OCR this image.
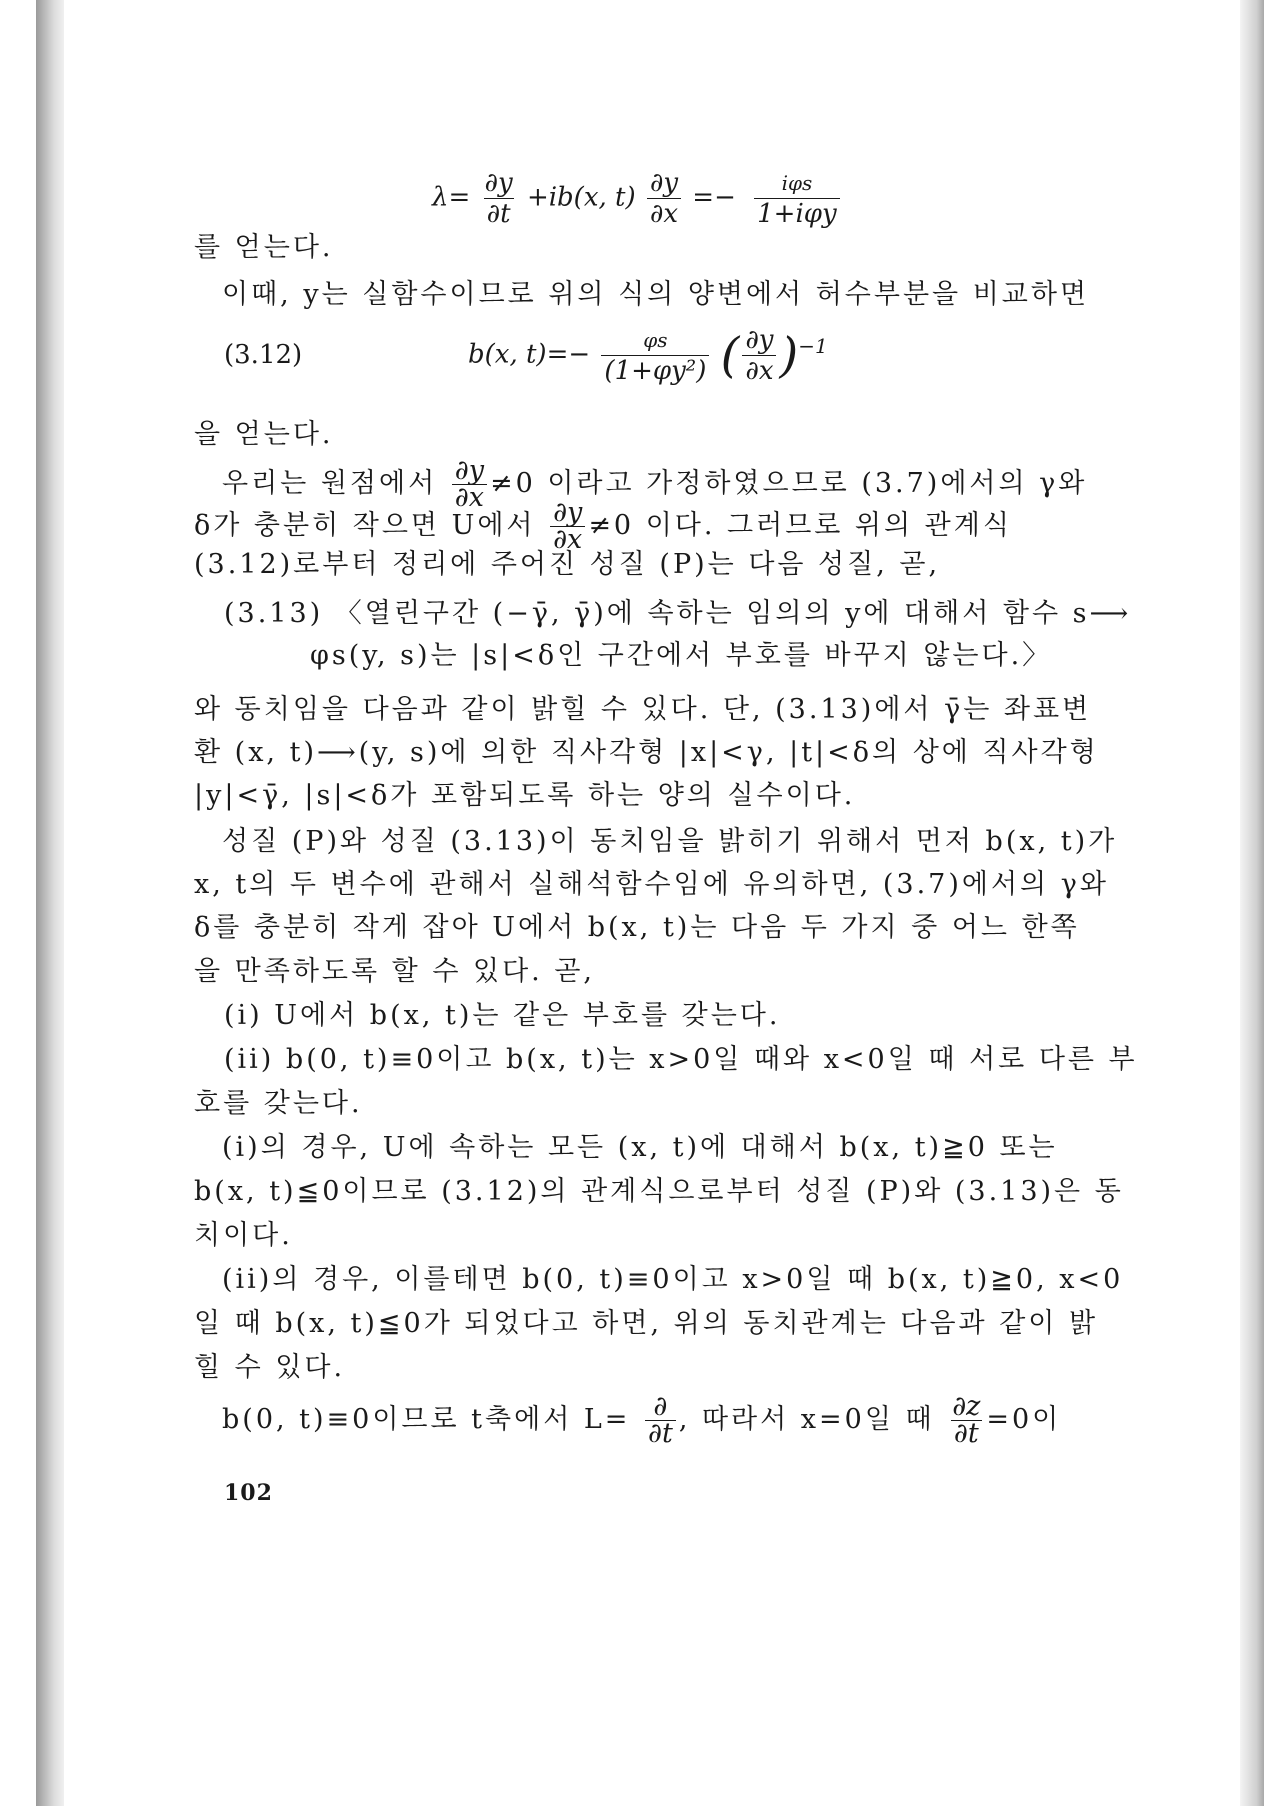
$\lambda= \frac{\partial y}{\partial t} +ib(x$, $t) \frac{\partial y}{\partial x} =- \frac{\text{iφs}}{\text{1+iφy}}$
를 얻는다.
이때, y는 실함수이므로 위의 식의 양변에서 허수부분을 비교하면
(3.12)	b(x, $t)=- \frac{\varphi s}{\text{(1+φy²)}}$ ( $\frac{\partial y}{\partial x} )^{-1}$
을 얻는다.
우리는 원점에서 $\frac{\partial y}{\partial x} \ne 0$ 이라고 가정하였으므로 (3.7)에서의 γ와
δ가 충분히 작으면 U에서 $\frac{\partial y}{\partial x} \ne 0$ 이다. 그러므로 위의 관계식
(3.12)로부터 정리에 주어진 성질 (P)는 다음 성질, 곧,
(3.13) 〈열린구간 (−γ̄, γ̄)에 속하는 임의의 y에 대해서 함수 s⟶
φs(y, s)는 |s|<δ인 구간에서 부호를 바꾸지 않는다.〉
와 동치임을 다음과 같이 밝힐 수 있다. 단, (3.13)에서 γ̄는 좌표변
환 (x, t)⟶(y, s)에 의한 직사각형 |x|<γ, |t|<δ의 상에 직사각형
|y|<γ̄, |s|<δ가 포함되도록 하는 양의 실수이다.
성질 (P)와 성질 (3.13)이 동치임을 밝히기 위해서 먼저 b(x, t)가
x, t의 두 변수에 관해서 실해석함수임에 유의하면, (3.7)에서의 γ와
δ를 충분히 작게 잡아 U에서 b(x, t)는 다음 두 가지 중 어느 한쪽
을 만족하도록 할 수 있다. 곧,
(i) U에서 b(x, t)는 같은 부호를 갖는다.
(ii) b(0, t)≡0이고 b(x, t)는 x>0일 때와 x<0일 때 서로 다른 부
호를 갖는다.
(i)의 경우, U에 속하는 모든 (x, t)에 대해서 b(x, t)≧0 또는
b(x, t)≦0이므로 (3.12)의 관계식으로부터 성질 (P)와 (3.13)은 동
치이다.
(ii)의 경우, 이를테면 b(0, t)≡0이고 x>0일 때 b(x, t)≧0, x<0
일 때 b(x, t)≦0가 되었다고 하면, 위의 동치관계는 다음과 같이 밝
힐 수 있다.
b(0, t)≡0이므로 t축에서 $L= \frac{\partial}{\partial t}$ , 따라서 x=0일 때 $\frac{\partial z}{\partial t} =0$이
102
